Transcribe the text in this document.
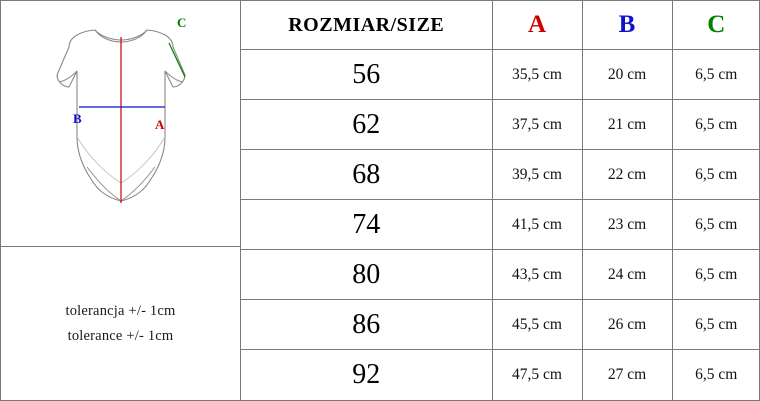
C
B	A
tolerancja +/- 1cm
tolerance +/- 1cm
ROZMIAR/SIZE	A	B	C
56	35,5 cm	20 cm	6,5 cm
62	37,5 cm	21 cm	6,5 cm
68	39,5 cm	22 cm	6,5 cm
74	41,5 cm	23 cm	6,5 cm
80	43,5 cm	24 cm	6,5 cm
86	45,5 cm	26 cm	6,5 cm
92	47,5 cm	27 cm	6,5 cm
